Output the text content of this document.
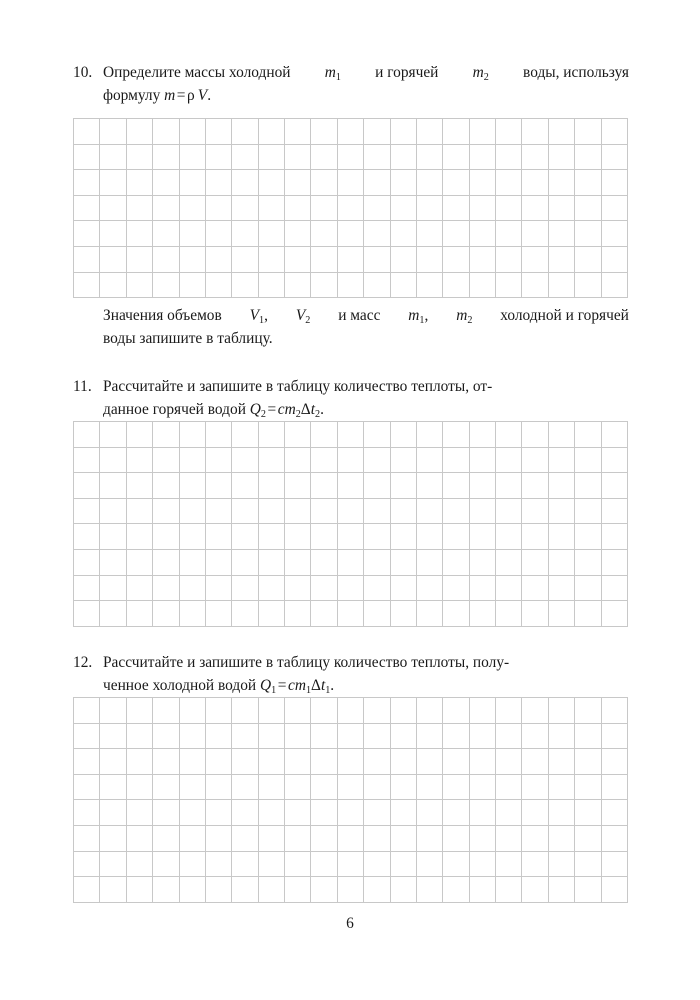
10. Определите массы холодной $m_1$ и горячей $m_2$ воды, используя
формулу m=ρ  V.

Значения объемов $V_1$, $V_2$ и масс $m_1$, $m_2$ холодной и горячей
воды запишите в таблицу.
11. Рассчитайте и запишите в таблицу количество теплоты, от-
данное горячей водой $Q_2=cm_2\Delta t_2$.

12. Рассчитайте и запишите в таблицу количество теплоты, полу-
ченное холодной водой $Q_1=cm_1\Delta t_1$.

6
